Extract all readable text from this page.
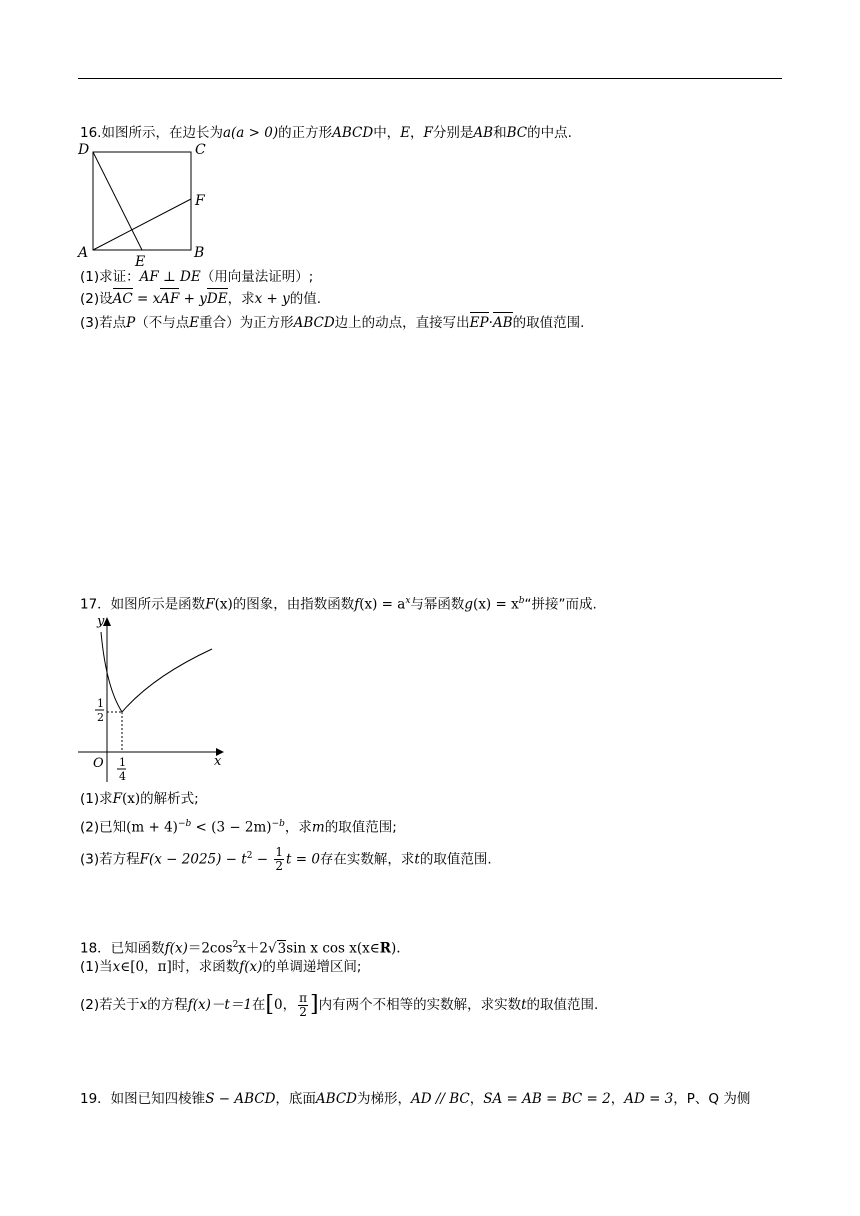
16.如图所示，在边长为a(a > 0)的正方形ABCD中，E，F分别是AB和BC的中点.
D	C
F
A
E
B
(1)求证：AF ⊥ DE（用向量法证明）;
(2)设AC = xAF + yDE，求x + y的值.
(3)若点P（不与点E重合）为正方形ABCD边上的动点，直接写出EP·AB的取值范围.
17．如图所示是函数F(x)的图象，由指数函数$f(x) = a^x$与幂函数$g(x) = x^b“$拼接”而成.
y
x
O
1
2
1
4
(1)求F(x)的解析式;
(2)已知$(m + 4)^{-b} < (3 - 2m)^{-b}$，求m的取值范围;
(3)若方程$F(x - 2025) - t^2 - \frac{1}{2}$ t = 0存在实数解，求t的取值范围.
18．已知函数$f(x)=2\cos^2x+2√3\sin$ x cos x(x∈R).
(1)当x∈[0，π]时，求函数f(x)的单调递增区间;
(2)若关于x的方程f(x)－t＝1在[0， $\frac{\pi}{2}$ ]内有两个不相等的实数解，求实数t的取值范围.
19．如图已知四棱锥S − ABCD，底面ABCD为梯形，AD // BC，SA = AB = BC = 2，AD = 3，P、Q 为侧
